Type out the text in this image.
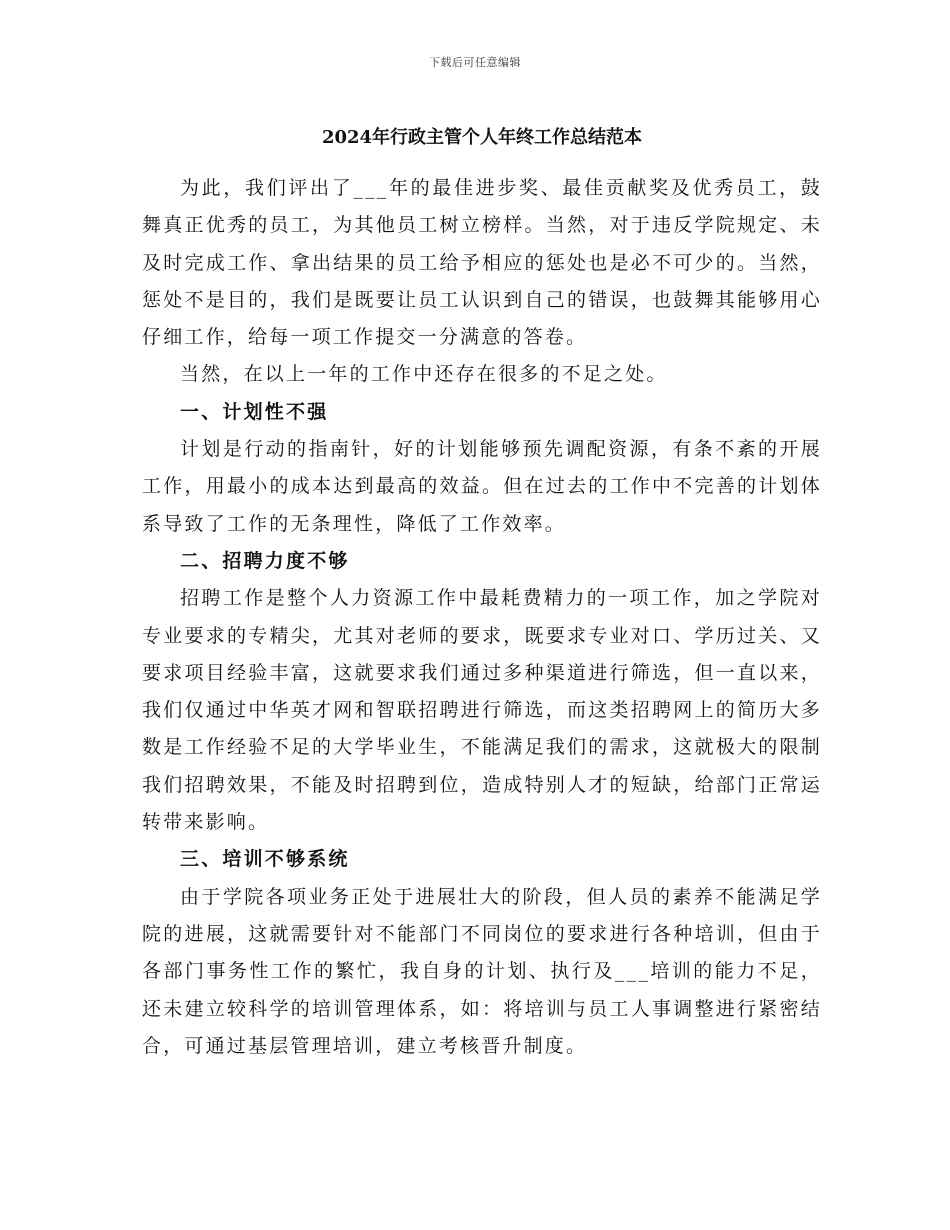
下载后可任意编辑
2024年行政主管个人年终工作总结范本

为此，我们评出了___年的最佳进步奖、最佳贡献奖及优秀员工，鼓舞真正优秀的员工，为其他员工树立榜样。当然，对于违反学院规定、未及时完成工作、拿出结果的员工给予相应的惩处也是必不可少的。当然，惩处不是目的，我们是既要让员工认识到自己的错误，也鼓舞其能够用心仔细工作，给每一项工作提交一分满意的答卷。

当然，在以上一年的工作中还存在很多的不足之处。

一、计划性不强

计划是行动的指南针，好的计划能够预先调配资源，有条不紊的开展工作，用最小的成本达到最高的效益。但在过去的工作中不完善的计划体系导致了工作的无条理性，降低了工作效率。

二、招聘力度不够

招聘工作是整个人力资源工作中最耗费精力的一项工作，加之学院对专业要求的专精尖，尤其对老师的要求，既要求专业对口、学历过关、又要求项目经验丰富，这就要求我们通过多种渠道进行筛选，但一直以来，我们仅通过中华英才网和智联招聘进行筛选，而这类招聘网上的简历大多数是工作经验不足的大学毕业生，不能满足我们的需求，这就极大的限制我们招聘效果，不能及时招聘到位，造成特别人才的短缺，给部门正常运转带来影响。

三、培训不够系统

由于学院各项业务正处于进展壮大的阶段，但人员的素养不能满足学院的进展，这就需要针对不能部门不同岗位的要求进行各种培训，但由于各部门事务性工作的繁忙，我自身的计划、执行及___培训的能力不足，还未建立较科学的培训管理体系，如：将培训与员工人事调整进行紧密结合，可通过基层管理培训，建立考核晋升制度。
